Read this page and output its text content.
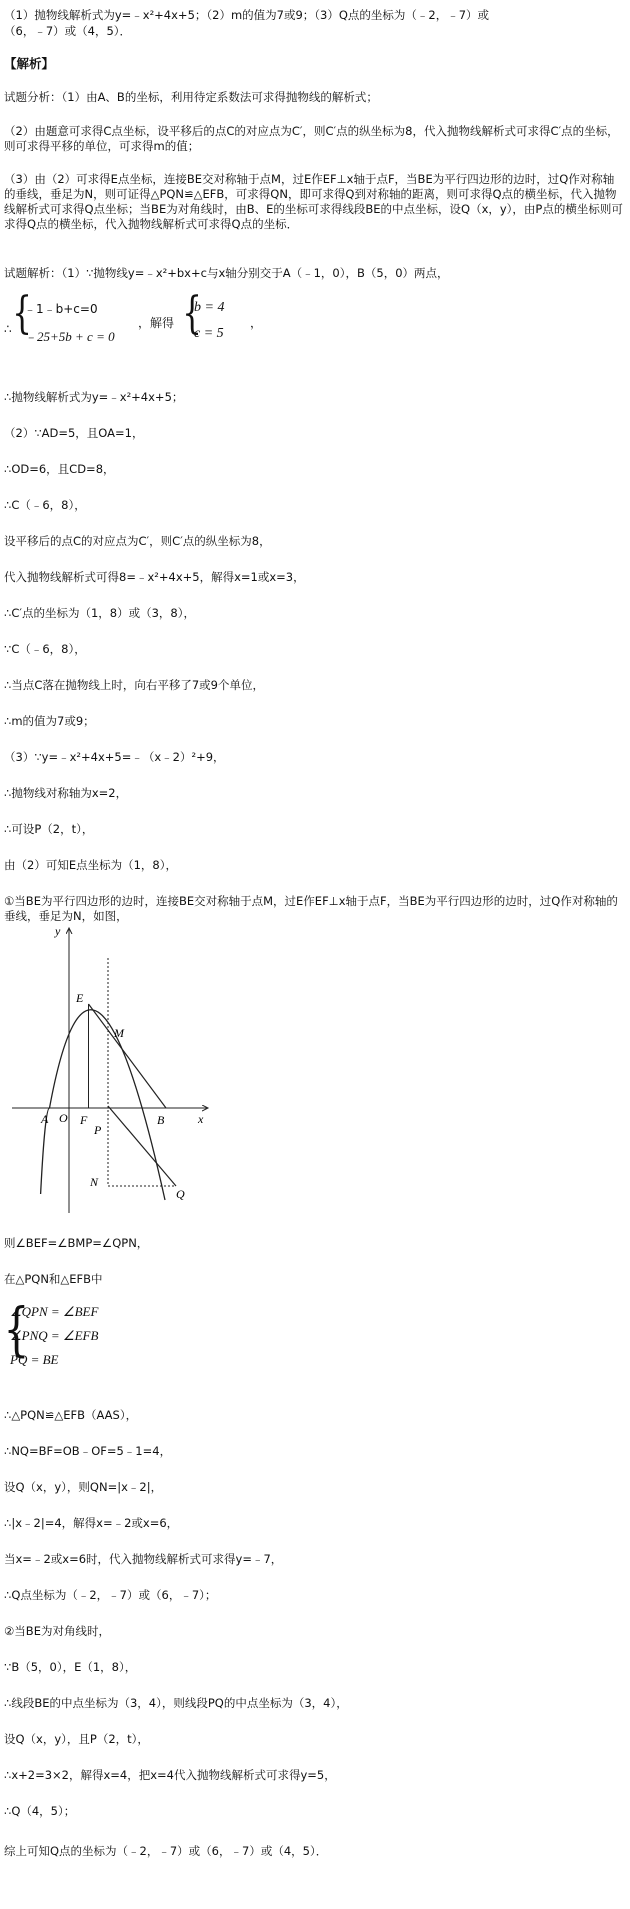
（1）抛物线解析式为y=﹣x²+4x+5；（2）m的值为7或9；（3）Q点的坐标为（﹣2，﹣7）或

（6，﹣7）或（4，5）．

【解析】

试题分析：（1）由A、B的坐标，利用待定系数法可求得抛物线的解析式；

（2）由题意可求得C点坐标，设平移后的点C的对应点为C′，则C′点的纵坐标为8，代入抛物线解析式可求得C′点的坐标，则可求得平移的单位，可求得m的值；

（3）由（2）可求得E点坐标，连接BE交对称轴于点M，过E作EF⊥x轴于点F，当BE为平行四边形的边时，过Q作对称轴的垂线，垂足为N，则可证得△PQN≌△EFB，可求得QN，即可求得Q到对称轴的距离，则可求得Q点的横坐标，代入抛物线解析式可求得Q点坐标；当BE为对角线时，由B、E的坐标可求得线段BE的中点坐标，设Q（x，y），由P点的横坐标则可求得Q点的横坐标，代入抛物线解析式可求得Q点的坐标．

试题解析：（1）∵抛物线y=﹣x²+bx+c与x轴分别交于A（﹣1，0），B（5，0）两点，

∴ {
﹣1﹣b+c=0
﹣25+5b + c = 0
，解得 {
b = 4
c = 5
，

∴抛物线解析式为y=﹣x²+4x+5；

（2）∵AD=5，且OA=1，

∴OD=6，且CD=8，

∴C（﹣6，8），

设平移后的点C的对应点为C′，则C′点的纵坐标为8，

代入抛物线解析式可得8=﹣x²+4x+5，解得x=1或x=3，

∴C′点的坐标为（1，8）或（3，8），

∵C（﹣6，8），

∴当点C落在抛物线上时，向右平移了7或9个单位，

∴m的值为7或9；

（3）∵y=﹣x²+4x+5=﹣（x﹣2）²+9，

∴抛物线对称轴为x=2，

∴可设P（2，t），

由（2）可知E点坐标为（1，8），

①当BE为平行四边形的边时，连接BE交对称轴于点M，过E作EF⊥x轴于点F，当BE为平行四边形的边时，过Q作对称轴的垂线，垂足为N，如图，

y
x
E
M
A O F	B
P
N
Q

则∠BEF=∠BMP=∠QPN，

在△PQN和△EFB中

{
∠QPN = ∠BEF
∠PNQ = ∠EFB
PQ = BE

∴△PQN≌△EFB（AAS），

∴NQ=BF=OB﹣OF=5﹣1=4，

设Q（x，y），则QN=|x﹣2|，

∴|x﹣2|=4，解得x=﹣2或x=6，

当x=﹣2或x=6时，代入抛物线解析式可求得y=﹣7，

∴Q点坐标为（﹣2，﹣7）或（6，﹣7）；

②当BE为对角线时，

∵B（5，0），E（1，8），

∴线段BE的中点坐标为（3，4），则线段PQ的中点坐标为（3，4），

设Q（x，y），且P（2，t），

∴x+2=3×2，解得x=4，把x=4代入抛物线解析式可求得y=5，

∴Q（4，5）；

综上可知Q点的坐标为（﹣2，﹣7）或（6，﹣7）或（4，5）．
